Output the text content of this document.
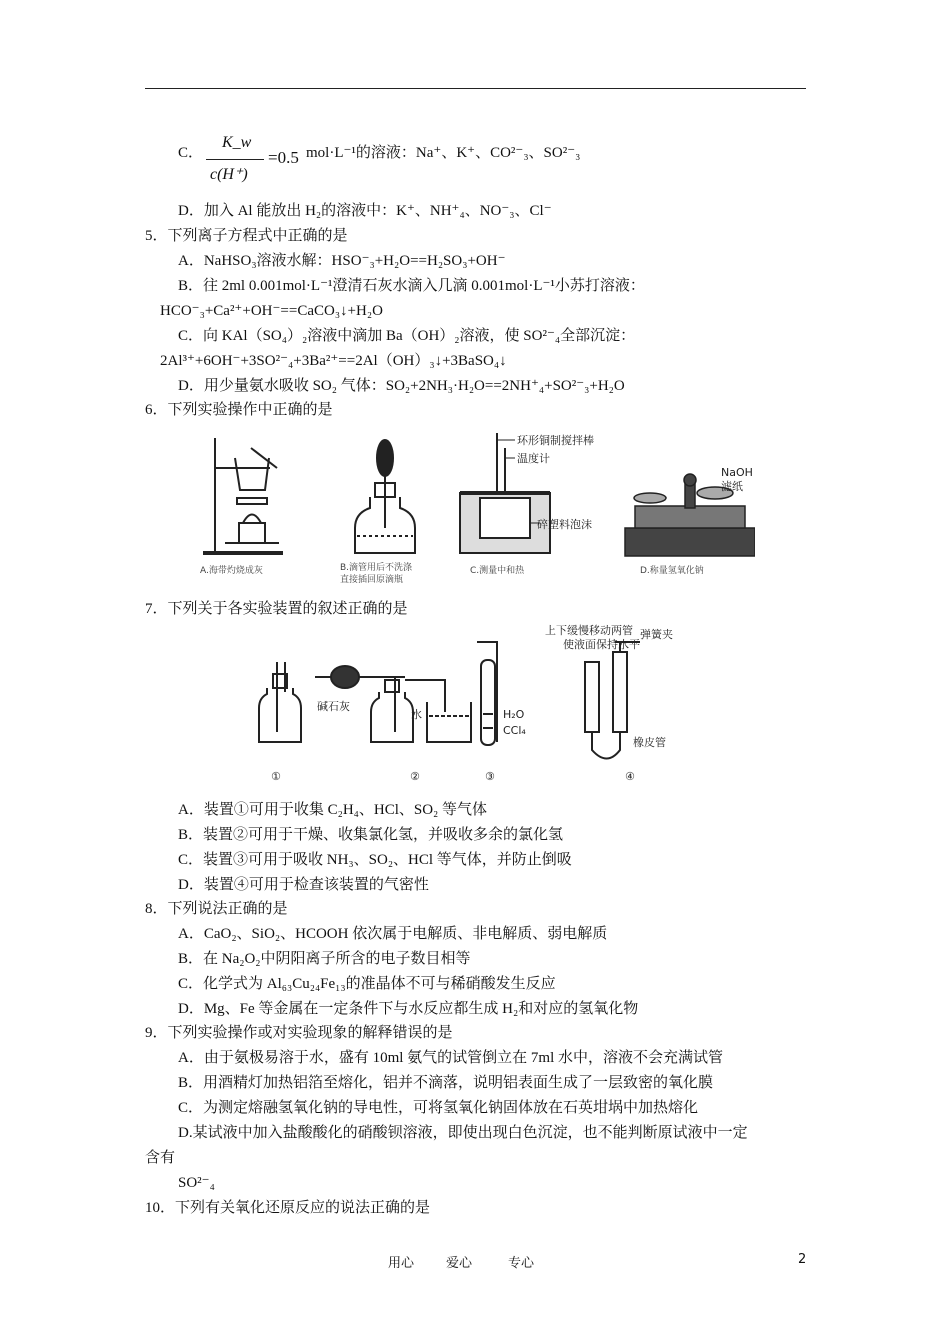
C．
K_w
c(H⁺)
=0.5 mol·L⁻¹的溶液：Na⁺、K⁺、CO²⁻₃、SO²⁻₃
D．加入 Al 能放出 H₂的溶液中：K⁺、NH⁺₄、NO⁻₃、Cl⁻
5．下列离子方程式中正确的是
A．NaHSO₃溶液水解：HSO⁻₃+H₂O==H₂SO₃+OH⁻
B．往 2ml 0.001mol·L⁻¹澄清石灰水滴入几滴 0.001mol·L⁻¹小苏打溶液：
HCO⁻₃+Ca²⁺+OH⁻==CaCO₃↓+H₂O
C．向 KAl（SO₄）₂溶液中滴加 Ba（OH）₂溶液，使 SO²⁻₄全部沉淀：
2Al³⁺+6OH⁻+3SO²⁻₄+3Ba²⁺==2Al（OH）₃↓+3BaSO₄↓
D．用少量氨水吸收 SO₂ 气体：SO₂+2NH₃·H₂O==2NH⁺₄+SO²⁻₃+H₂O
6．下列实验操作中正确的是
A.海带灼烧成灰	B.滴管用后不洗涤
直接插回原滴瓶
环形铜制搅拌棒
温度计
碎塑料泡沫
C.测量中和热
NaOH
滤纸
D.称量氢氧化钠
7．下列关于各实验装置的叙述正确的是
①
碱石灰
水
②
H₂O
CCl₄
③
上下缓慢移动两管
使液面保持水平
弹簧夹
橡皮管
④
A．装置①可用于收集 C₂H₄、HCl、SO₂ 等气体
B．装置②可用于干燥、收集氯化氢，并吸收多余的氯化氢
C．装置③可用于吸收 NH₃、SO₂、HCl 等气体，并防止倒吸
D．装置④可用于检查该装置的气密性
8．下列说法正确的是
A．CaO₂、SiO₂、HCOOH 依次属于电解质、非电解质、弱电解质
B．在 Na₂O₂中阴阳离子所含的电子数目相等
C．化学式为 Al₆₃Cu₂₄Fe₁₃的准晶体不可与稀硝酸发生反应
D．Mg、Fe 等金属在一定条件下与水反应都生成 H₂和对应的氢氧化物
9．下列实验操作或对实验现象的解释错误的是
A．由于氨极易溶于水，盛有 10ml 氨气的试管倒立在 7ml 水中，溶液不会充满试管
B．用酒精灯加热铝箔至熔化，铝并不滴落，说明铝表面生成了一层致密的氧化膜
C．为测定熔融氢氧化钠的导电性，可将氢氧化钠固体放在石英坩埚中加热熔化
D.某试液中加入盐酸酸化的硝酸钡溶液，即使出现白色沉淀，也不能判断原试液中一定
含有
SO²⁻₄
10．下列有关氧化还原反应的说法正确的是
用心 爱心	专心	2
